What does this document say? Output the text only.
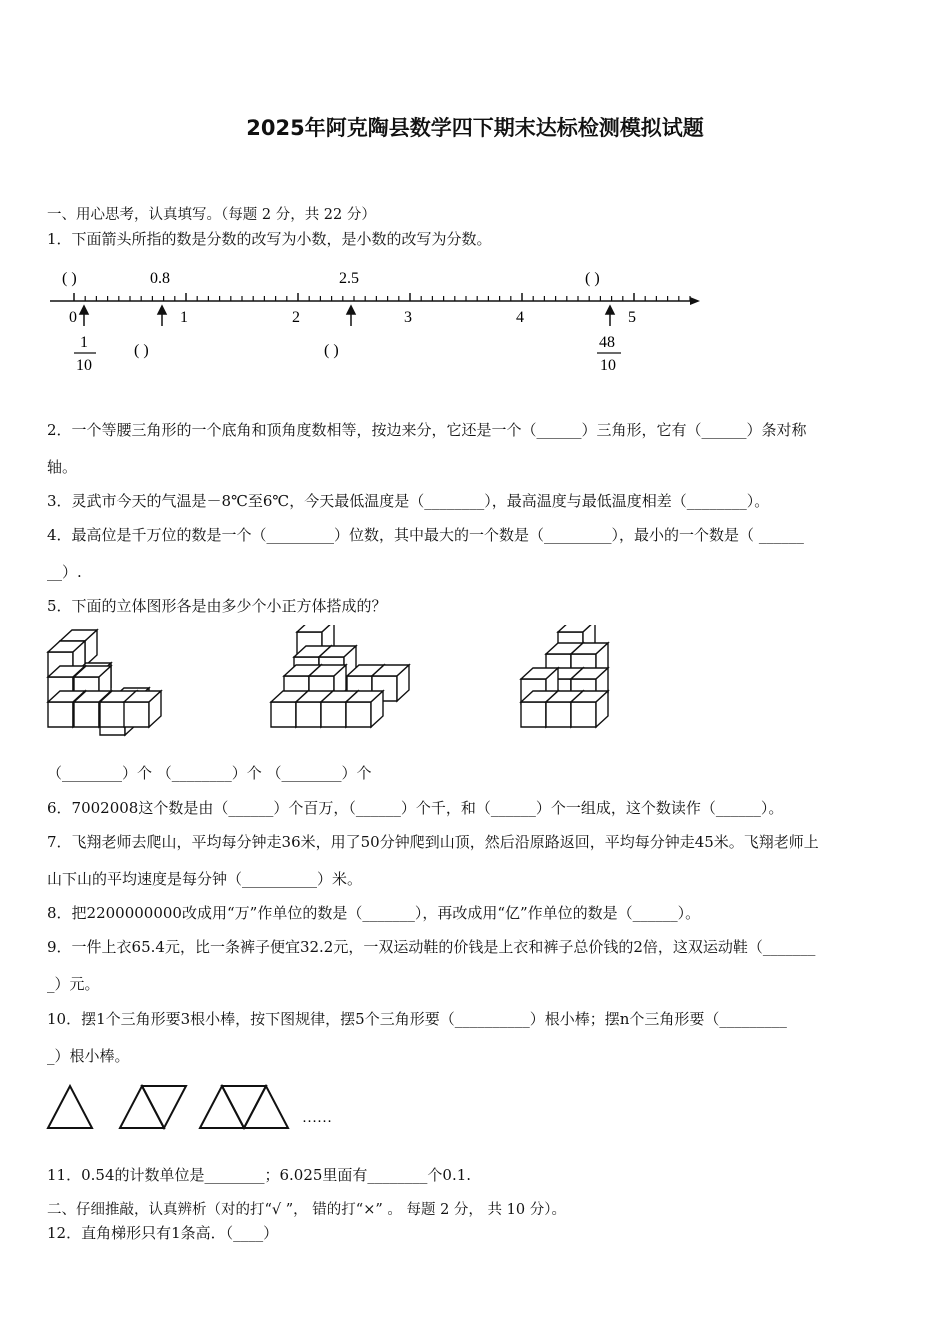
2025年阿克陶县数学四下期末达标检测模拟试题
一、用心思考，认真填写。（每题 2 分，共 22 分）
1．下面箭头所指的数是分数的改写为小数，是小数的改写为分数。
( )	0.8	2.5	( )
0	1	2	3	4	5
1
10
( )	( )	48
10
2．一个等腰三角形的一个底角和顶角度数相等，按边来分，它还是一个（______）三角形，它有（______）条对称
轴。
3．灵武市今天的气温是－8℃至6℃，今天最低温度是（________），最高温度与最低温度相差（________）。
4．最高位是千万位的数是一个（_________）位数，其中最大的一个数是（_________），最小的一个数是（ ______
__）.
5．下面的立体图形各是由多少个小正方体搭成的？
（________）个 （________）个 （________）个
6．7002008这个数是由（______）个百万，（______）个千，和（______）个一组成，这个数读作（______）。
7．飞翔老师去爬山，平均每分钟走36米，用了50分钟爬到山顶，然后沿原路返回，平均每分钟走45米。飞翔老师上
山下山的平均速度是每分钟（__________）米。
8．把2200000000改成用“万”作单位的数是（_______），再改成用“亿”作单位的数是（______）。
9．一件上衣65.4元，比一条裤子便宜32.2元，一双运动鞋的价钱是上衣和裤子总价钱的2倍，这双运动鞋（_______
_）元。
10．摆1个三角形要3根小棒，按下图规律，摆5个三角形要（__________）根小棒；摆n个三角形要（_________
_）根小棒。
……
11．0.54的计数单位是________；6.025里面有________个0.1.
二、仔细推敲，认真辨析（对的打“√ ”， 错的打“×” 。 每题 2 分， 共 10 分）。
12．直角梯形只有1条高．（____）
